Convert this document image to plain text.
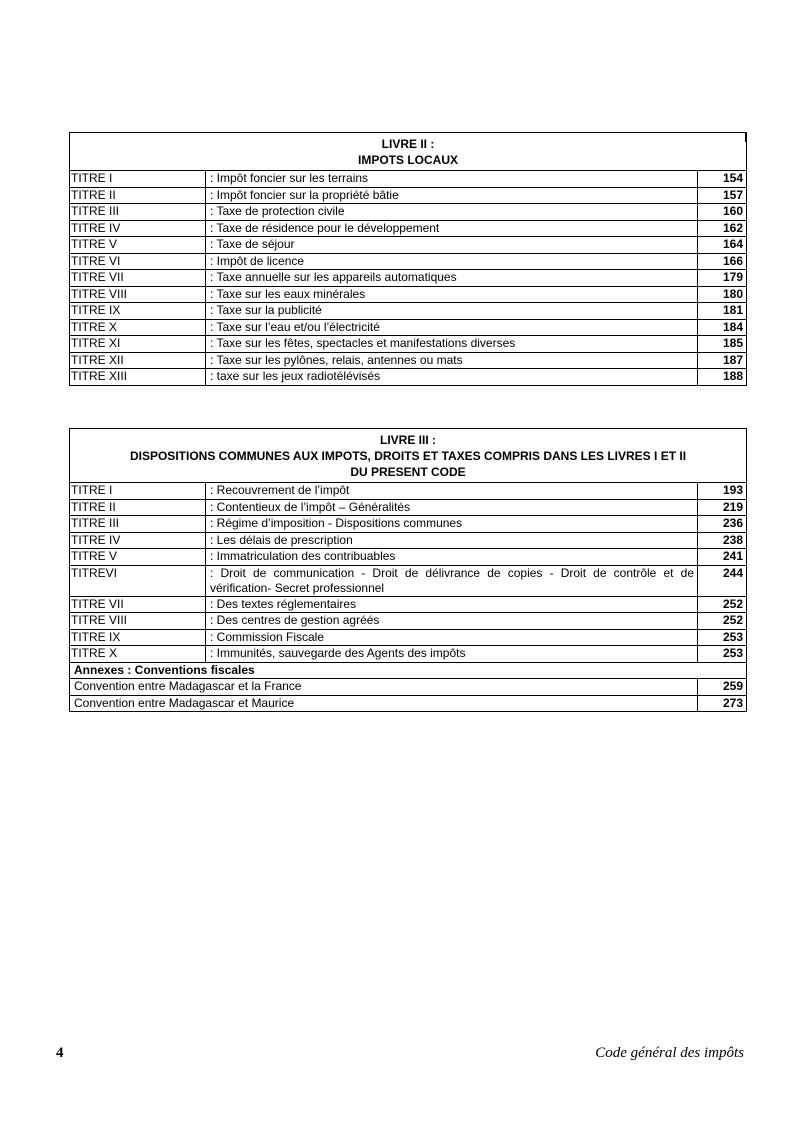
LIVRE II :
IMPOTS LOCAUX		

TITRE I	: Impôt foncier sur les terrains	154
TITRE II	: Impôt foncier sur la propriété bâtie	157
TITRE III	: Taxe de protection civile	160
TITRE IV	: Taxe de résidence pour le développement	162
TITRE V	: Taxe de séjour	164
TITRE VI	: Impôt de licence	166
TITRE VII	: Taxe annuelle sur les appareils automatiques	179
TITRE VIII	: Taxe sur les eaux minérales	180
TITRE IX	: Taxe sur la publicité	181
TITRE X	: Taxe sur l’eau et/ou l’électricité	184
TITRE XI	: Taxe sur les fêtes, spectacles et manifestations diverses	185
TITRE XII	: Taxe sur les pylônes, relais, antennes ou mats	187
TITRE XIII	: taxe sur les jeux radiotélévisés	188
LIVRE III :
DISPOSITIONS COMMUNES AUX IMPOTS, DROITS ET TAXES COMPRIS DANS LES LIVRES I ET II
DU PRESENT CODE		

TITRE I	: Recouvrement de l’impôt	193
TITRE II	: Contentieux de l’impôt – Généralités	219
TITRE III	: Régime d’imposition - Dispositions communes	236
TITRE IV	: Les délais de prescription	238
TITRE V	: Immatriculation des contribuables	241
TITREVI	: Droit de communication - Droit de délivrance de copies - Droit de contrôle et de vérification- Secret professionnel	244
TITRE VII	: Des textes réglementaires	252
TITRE VIII	: Des centres de gestion agréés	252
TITRE IX	: Commission Fiscale	253
TITRE X	: Immunités, sauvegarde des Agents des impôts	253
Annexes : Conventions fiscales		
Convention entre Madagascar et la France		259
Convention entre Madagascar et Maurice		273
4	Code général des impôts
